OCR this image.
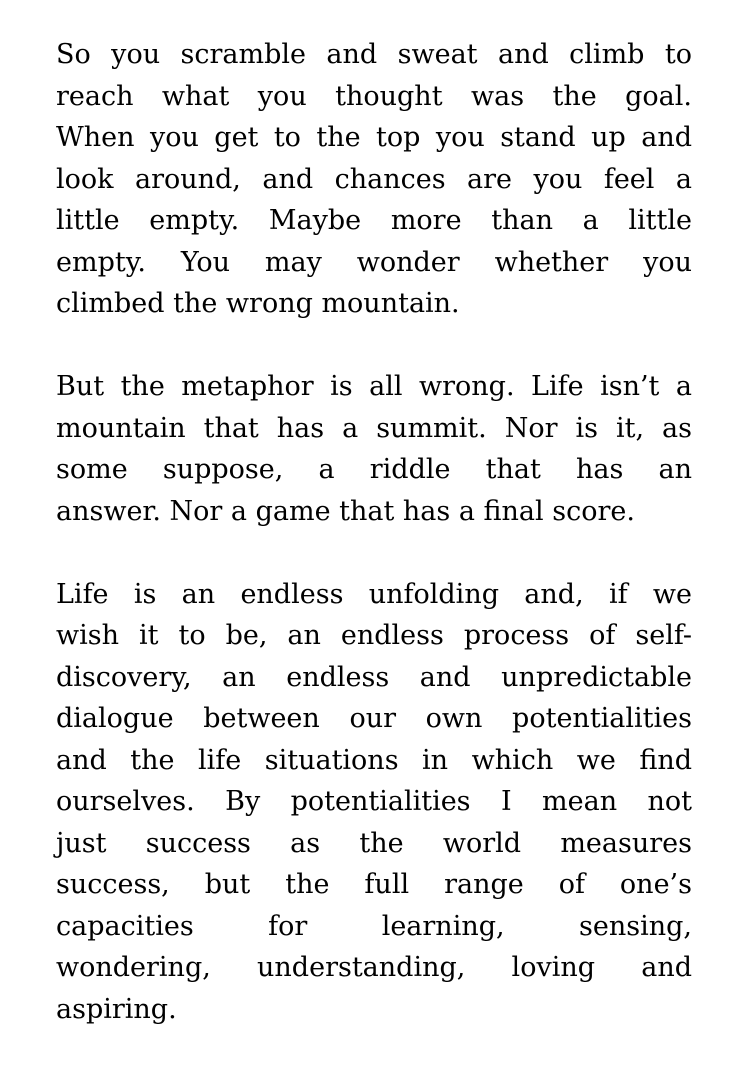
So you scramble and sweat and climb to
reach what you thought was the goal.
When you get to the top you stand up and
look around, and chances are you feel a
little empty. Maybe more than a little
empty. You may wonder whether you
climbed the wrong mountain.

But the metaphor is all wrong. Life isn’t a
mountain that has a summit. Nor is it, as
some suppose, a riddle that has an
answer. Nor a game that has a final score.

Life is an endless unfolding and, if we
wish it to be, an endless process of self-
discovery, an endless and unpredictable
dialogue between our own potentialities
and the life situations in which we find
ourselves. By potentialities I mean not
just success as the world measures
success, but the full range of one’s
capacities for learning, sensing,
wondering, understanding, loving and
aspiring.
